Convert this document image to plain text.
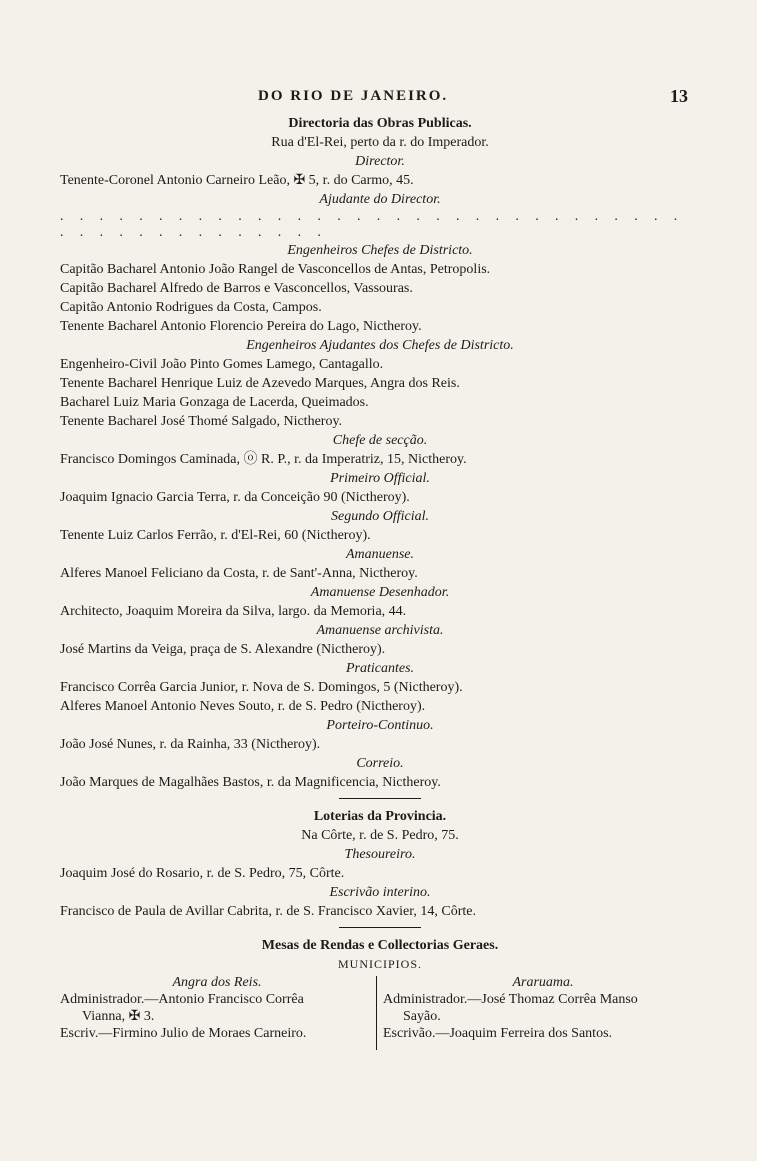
DO RIO DE JANEIRO.	13
Directoria das Obras Publicas.
Rua d'El-Rei, perto da r. do Imperador.
Director.
Tenente-Coronel Antonio Carneiro Leão, ✠ 5, r. do Carmo, 45.
Ajudante do Director.
. . . . . . . . . . . . . . . . . . . . . . . . . . . . . . . . . . . . . . . . . . . . . .
Engenheiros Chefes de Districto.
Capitão Bacharel Antonio João Rangel de Vasconcellos de Antas, Petropolis.
Capitão Bacharel Alfredo de Barros e Vasconcellos, Vassouras.
Capitão Antonio Rodrigues da Costa, Campos.
Tenente Bacharel Antonio Florencio Pereira do Lago, Nictheroy.
Engenheiros Ajudantes dos Chefes de Districto.
Engenheiro-Civil João Pinto Gomes Lamego, Cantagallo.
Tenente Bacharel Henrique Luiz de Azevedo Marques, Angra dos Reis.
Bacharel Luiz Maria Gonzaga de Lacerda, Queimados.
Tenente Bacharel José Thomé Salgado, Nictheroy.
Chefe de secção.
Francisco Domingos Caminada, ⓞ R. P., r. da Imperatriz, 15, Nictheroy.
Primeiro Official.
Joaquim Ignacio Garcia Terra, r. da Conceição 90 (Nictheroy).
Segundo Official.
Tenente Luiz Carlos Ferrão, r. d'El-Rei, 60 (Nictheroy).
Amanuense.
Alferes Manoel Feliciano da Costa, r. de Sant'-Anna, Nictheroy.
Amanuense Desenhador.
Architecto, Joaquim Moreira da Silva, largo. da Memoria, 44.
Amanuense archivista.
José Martins da Veiga, praça de S. Alexandre (Nictheroy).
Praticantes.
Francisco Corrêa Garcia Junior, r. Nova de S. Domingos, 5 (Nictheroy).
Alferes Manoel Antonio Neves Souto, r. de S. Pedro (Nictheroy).
Porteiro-Continuo.
João José Nunes, r. da Rainha, 33 (Nictheroy).
Correio.
João Marques de Magalhães Bastos, r. da Magnificencia, Nictheroy.
Loterias da Provincia.
Na Côrte, r. de S. Pedro, 75.
Thesoureiro.
Joaquim José do Rosario, r. de S. Pedro, 75, Côrte.
Escrivão interino.
Francisco de Paula de Avillar Cabrita, r. de S. Francisco Xavier, 14, Côrte.
Mesas de Rendas e Collectorias Geraes.
MUNICIPIOS.
Angra dos Reis.
Administrador.—Antonio Francisco Corrêa
Vianna, ✠ 3.
Escriv.—Firmino Julio de Moraes Carneiro.
Araruama.
Administrador.—José Thomaz Corrêa Manso
Sayão.
Escrivão.—Joaquim Ferreira dos Santos.
